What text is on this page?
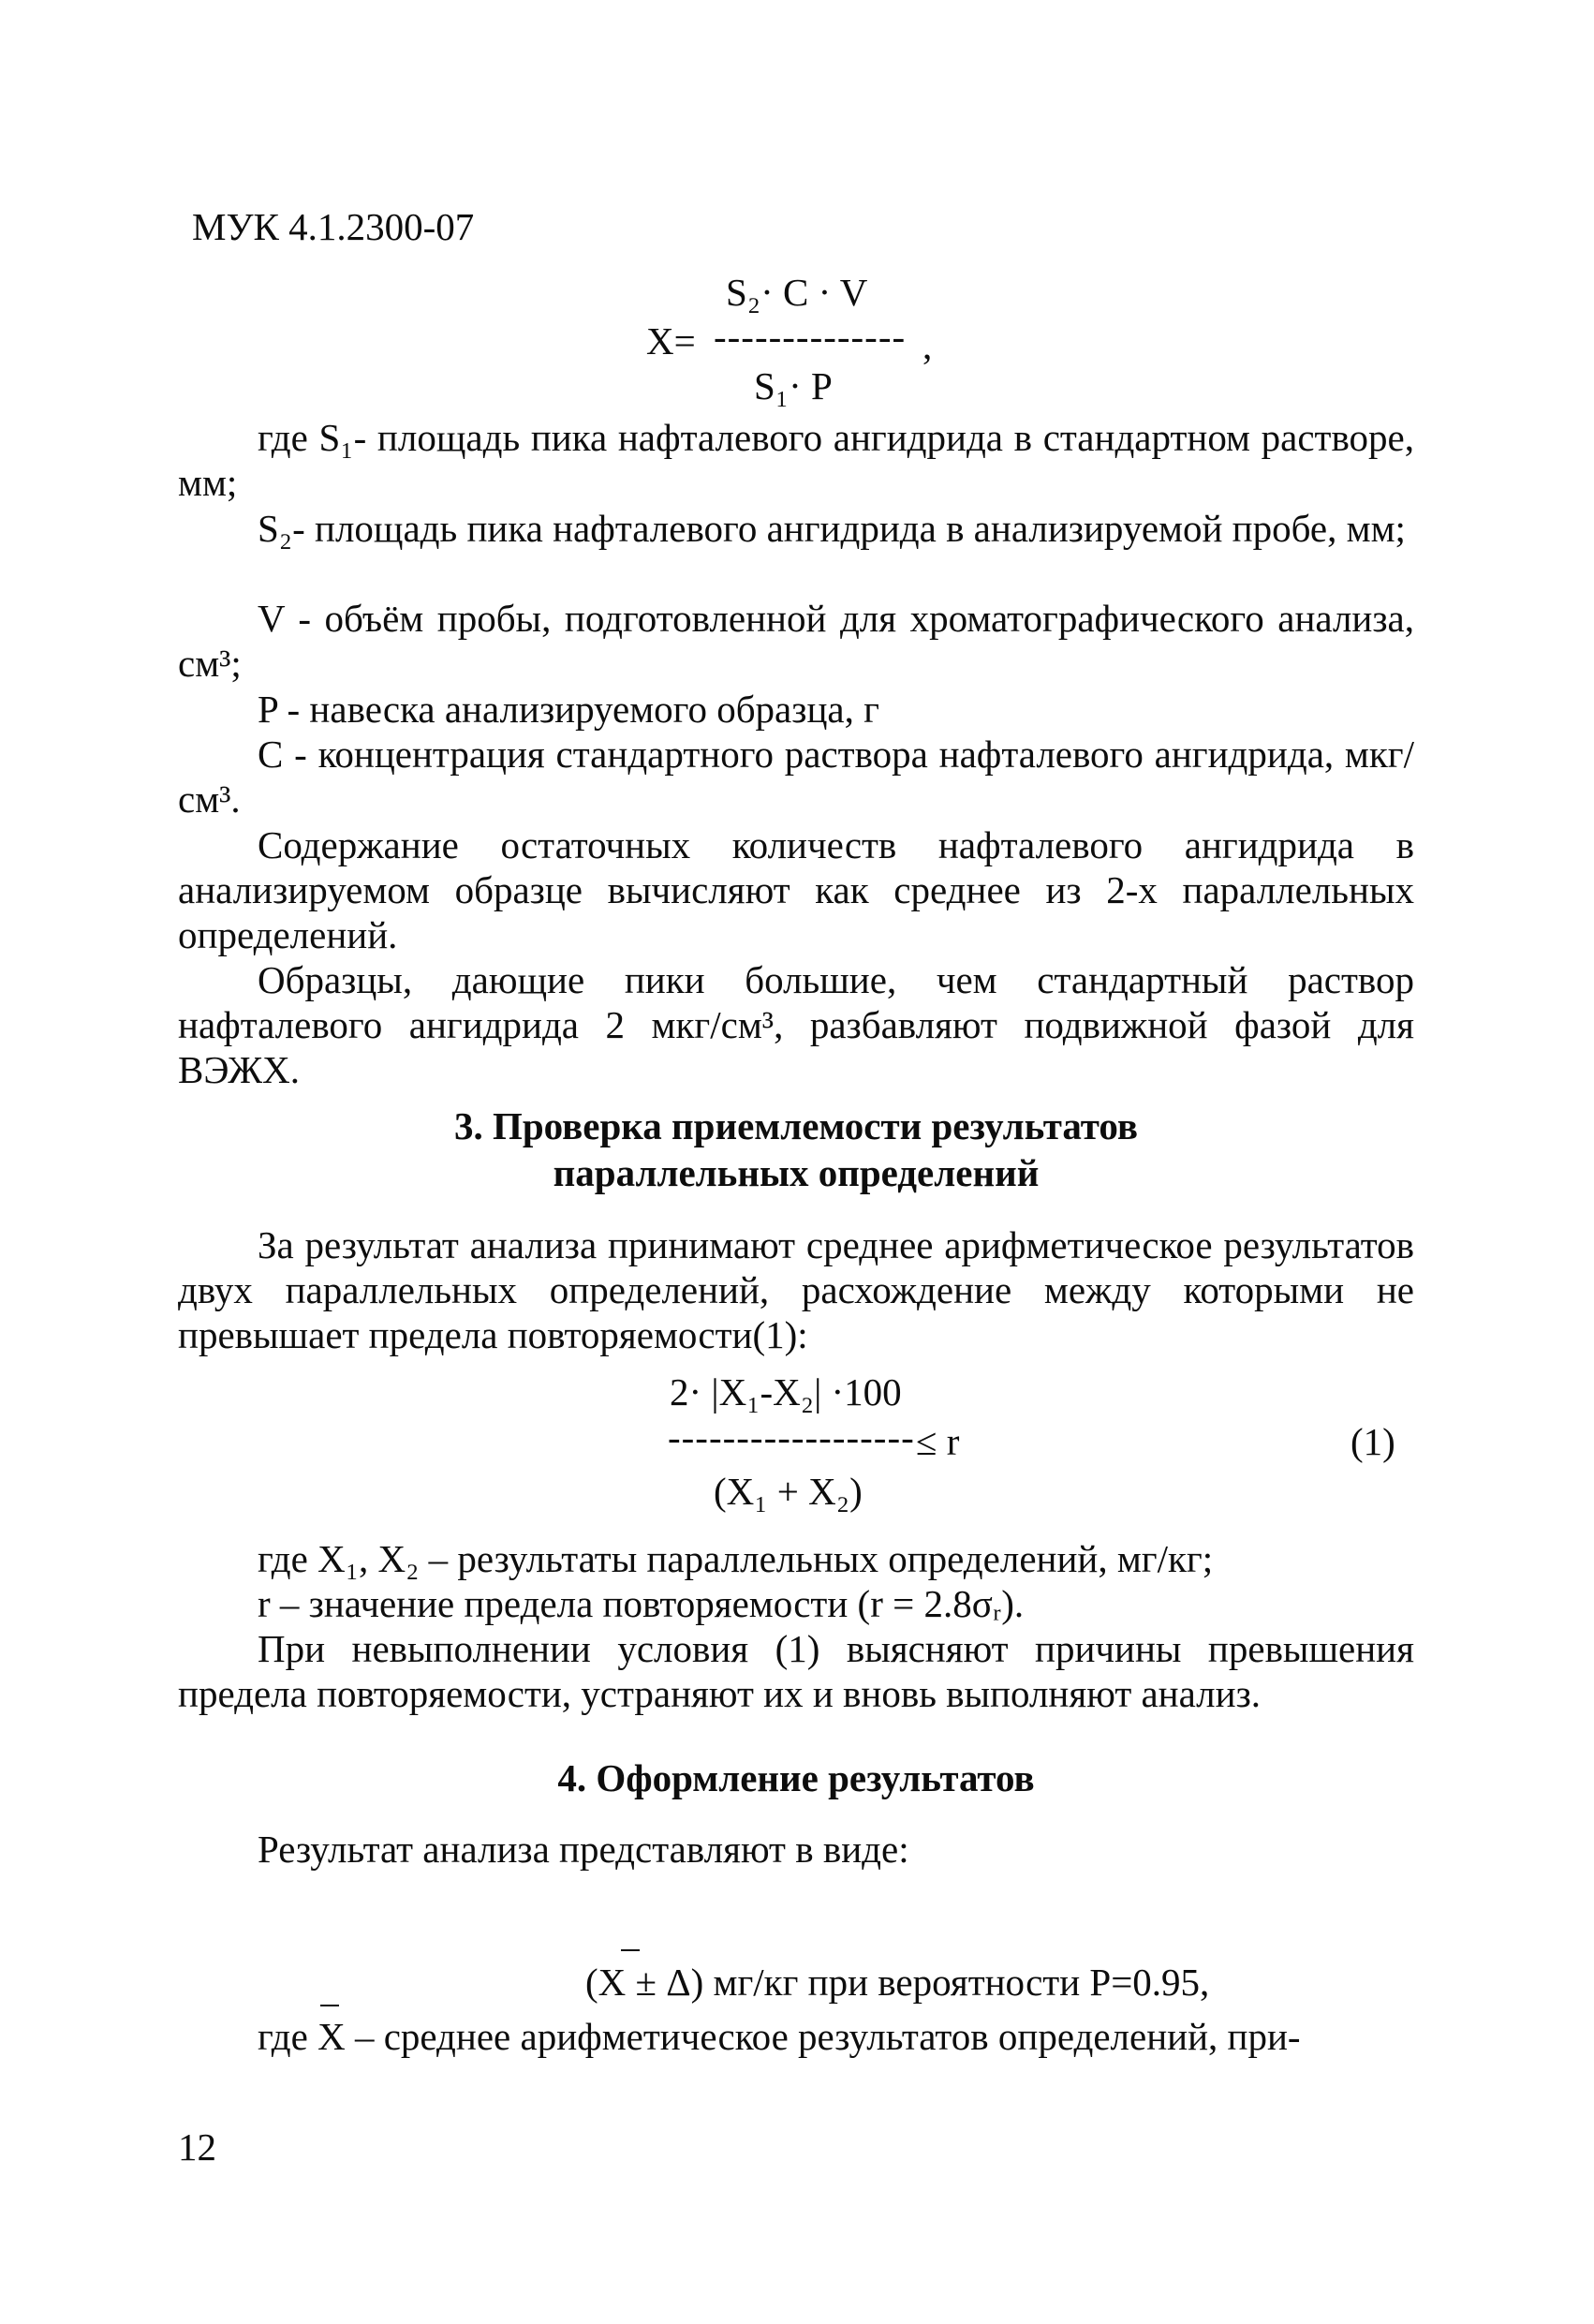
МУК 4.1.2300-07
S₂· C · V
X= -------------- ,
S₁· P
где S₁- площадь пика нафталевого ангидрида в стандартном растворе, мм;
S₂- площадь пика нафталевого ангидрида в анализируемой пробе, мм;
V - объём пробы, подготовленной для хроматографического анализа, см³;
P - навеска анализируемого образца, г
C - концентрация стандартного раствора нафталевого ангидрида, мкг/см³.
Содержание остаточных количеств нафталевого ангидрида в анализируемом образце вычисляют как среднее из 2-х параллельных определений.
Образцы, дающие пики большие, чем стандартный раствор нафталевого ангидрида 2 мкг/см³, разбавляют подвижной фазой для ВЭЖХ.
3. Проверка приемлемости результатов
параллельных определений
За результат анализа принимают среднее арифметическое результатов двух параллельных определений, расхождение между которыми не превышает предела повторяемости(1):
2· |X₁-X₂| ·100
------------------ ≤ r	(1)
(X₁ + X₂)
где X₁, X₂ – результаты параллельных определений, мг/кг;
r – значение предела повторяемости (r = 2.8σᵣ).
При невыполнении условия (1) выясняют причины превышения предела повторяемости, устраняют их и вновь выполняют анализ.
4. Оформление результатов
Результат анализа представляют в виде:
(X ± Δ) мг/кг при вероятности P=0.95,
где X – среднее арифметическое результатов определений, при-
12
